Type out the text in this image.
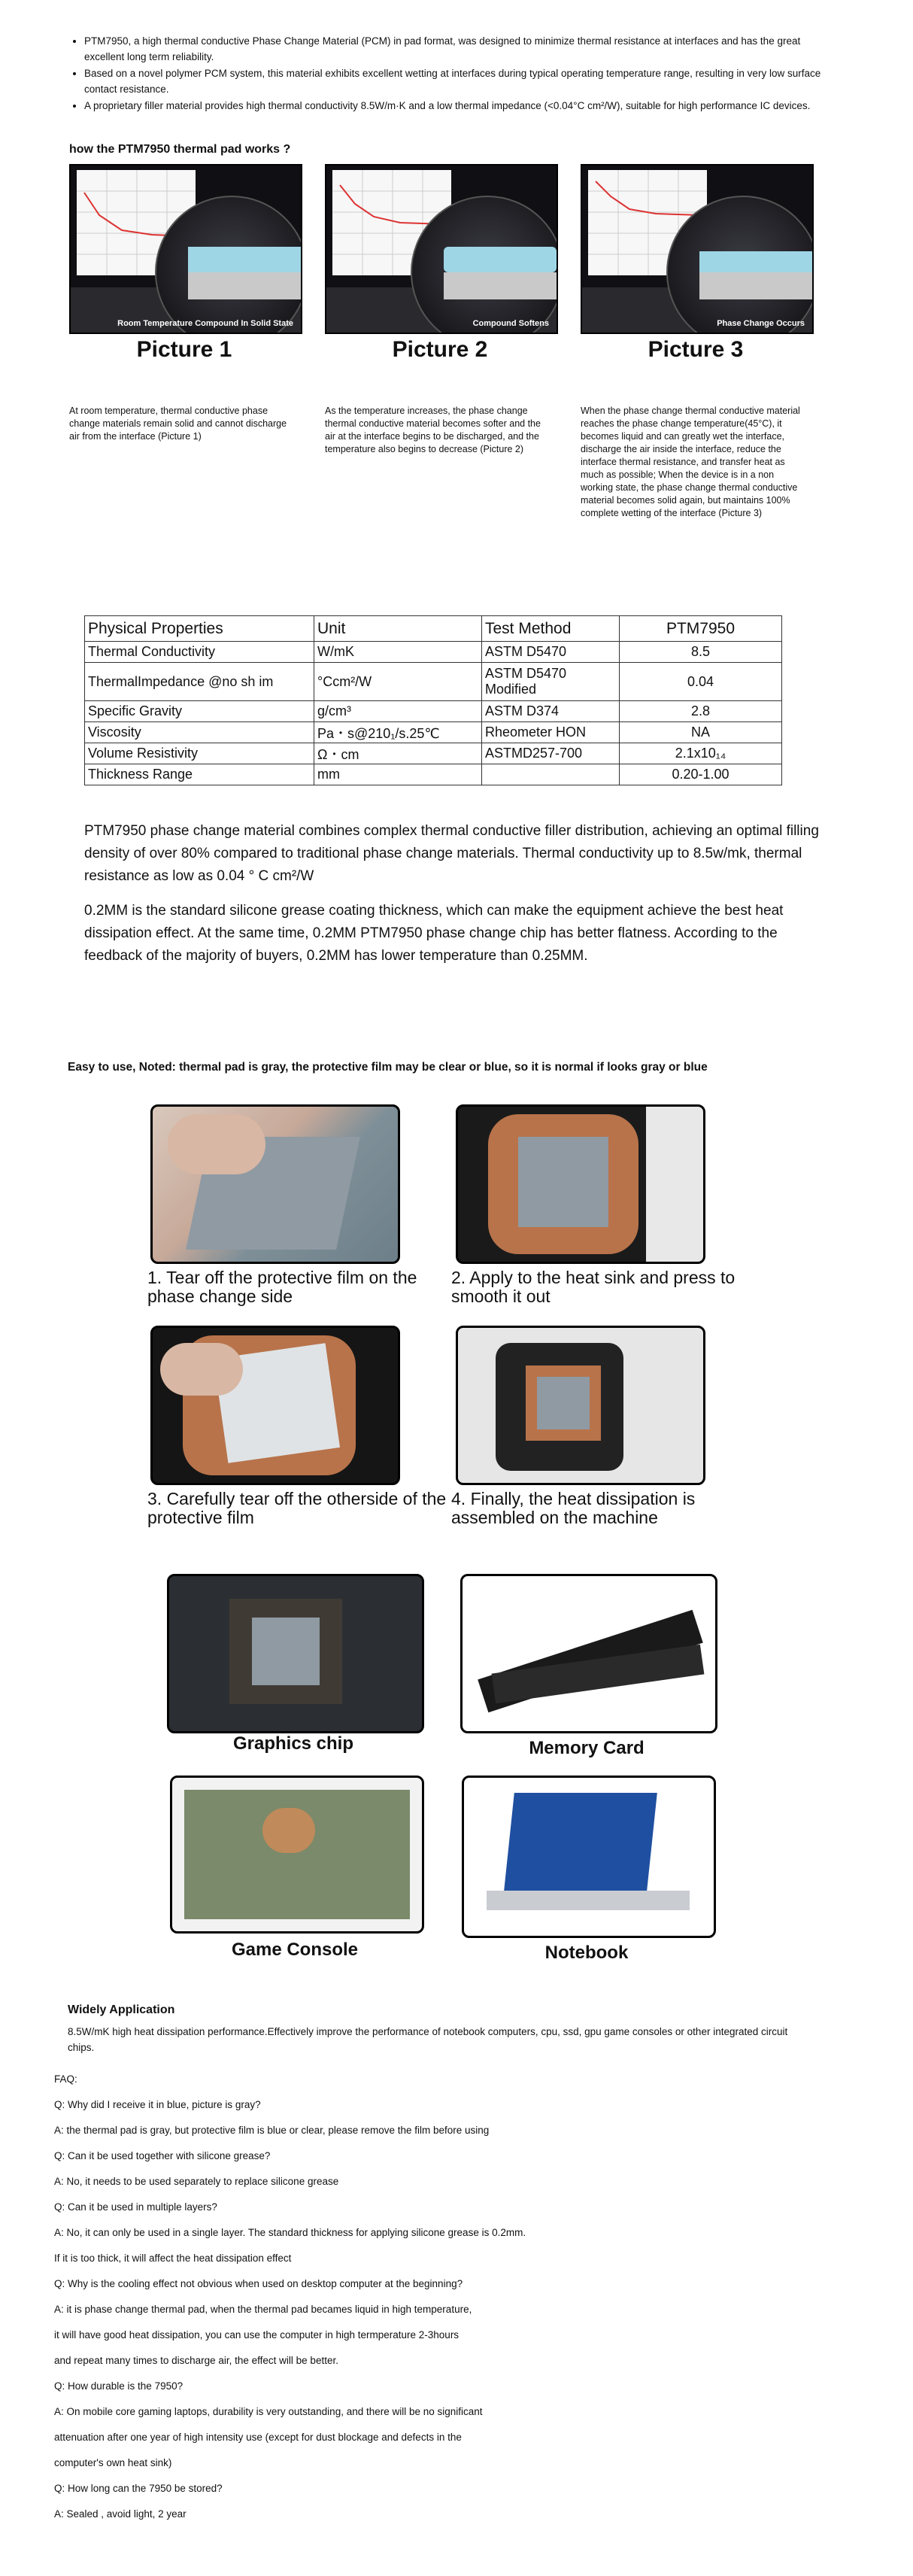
• PTM7950, a high thermal conductive Phase Change Material (PCM) in pad format, was designed to minimize thermal resistance at interfaces and has the great excellent long term reliability.
• Based on a novel polymer PCM system, this material exhibits excellent wetting at interfaces during typical operating temperature range, resulting in very low surface contact resistance.
• A proprietary filler material provides high thermal conductivity 8.5W/m·K and a low thermal impedance (<0.04°C cm²/W), suitable for high performance IC devices.
how the PTM7950 thermal pad works ?
Room Temperature Compound In Solid State	Compound Softens	Phase Change Occurs
Picture 1	Picture 2	Picture 3
At room temperature, thermal conductive phase change materials remain solid and cannot discharge air from the interface (Picture 1)
As the temperature increases, the phase change thermal conductive material becomes softer and the air at the interface begins to be discharged, and the temperature also begins to decrease (Picture 2)
When the phase change thermal conductive material reaches the phase change temperature(45°C), it becomes liquid and can greatly wet the interface, discharge the air inside the interface, reduce the interface thermal resistance, and transfer heat as much as possible; When the device is in a non working state, the phase change thermal conductive material becomes solid again, but maintains 100% complete wetting of the interface (Picture 3)
Physical Properties	Unit	Test Method	PTM7950
Thermal Conductivity	W/mK	ASTM D5470	8.5
ThermalImpedance @no sh im	°Ccm²/W	ASTM D5470 Modified	0.04
Specific Gravity	g/cm³	ASTM D374	2.8
Viscosity	Pa・s@210₁/s.25℃	Rheometer HON	NA
Volume Resistivity	Ω・cm	ASTMD257-700	2.1x10₁₄
Thickness Range	mm		0.20-1.00
PTM7950 phase change material combines complex thermal conductive filler distribution, achieving an optimal filling density of over 80% compared to traditional phase change materials. Thermal conductivity up to 8.5w/mk, thermal resistance as low as 0.04 ° C cm²/W
0.2MM is the standard silicone grease coating thickness, which can make the equipment achieve the best heat dissipation effect. At the same time, 0.2MM PTM7950 phase change chip has better flatness. According to the feedback of the majority of buyers, 0.2MM has lower temperature than 0.25MM.
Easy to use, Noted: thermal pad is gray, the protective film may be clear or blue, so it is normal if looks gray or blue
1. Tear off the protective film on the phase change side
2. Apply to the heat sink and press to smooth it out
3. Carefully tear off the otherside of the protective film
4. Finally, the heat dissipation is assembled on the machine
Graphics chip	Memory Card
Game Console	Notebook
Widely Application
8.5W/mK high heat dissipation performance.Effectively improve the performance of notebook computers, cpu, ssd, gpu game consoles or other integrated circuit chips.
FAQ:
Q: Why did I receive it in blue, picture is gray?
A: the thermal pad is gray, but protective film is blue or clear, please remove the film before using
Q: Can it be used together with silicone grease?
A: No, it needs to be used separately to replace silicone grease
Q: Can it be used in multiple layers?
A: No, it can only be used in a single layer. The standard thickness for applying silicone grease is 0.2mm.
If it is too thick, it will affect the heat dissipation effect
Q: Why is the cooling effect not obvious when used on desktop computer at the beginning?
A: it is phase change thermal pad, when the thermal pad becames liquid in high temperature,
it will have good heat dissipation, you can use the computer in high termperature 2-3hours
and repeat many times to discharge air, the effect will be better.
Q: How durable is the 7950?
A: On mobile core gaming laptops, durability is very outstanding, and there will be no significant
attenuation after one year of high intensity use (except for dust blockage and defects in the
computer's own heat sink)
Q: How long can the 7950 be stored?
A: Sealed , avoid light, 2 year
